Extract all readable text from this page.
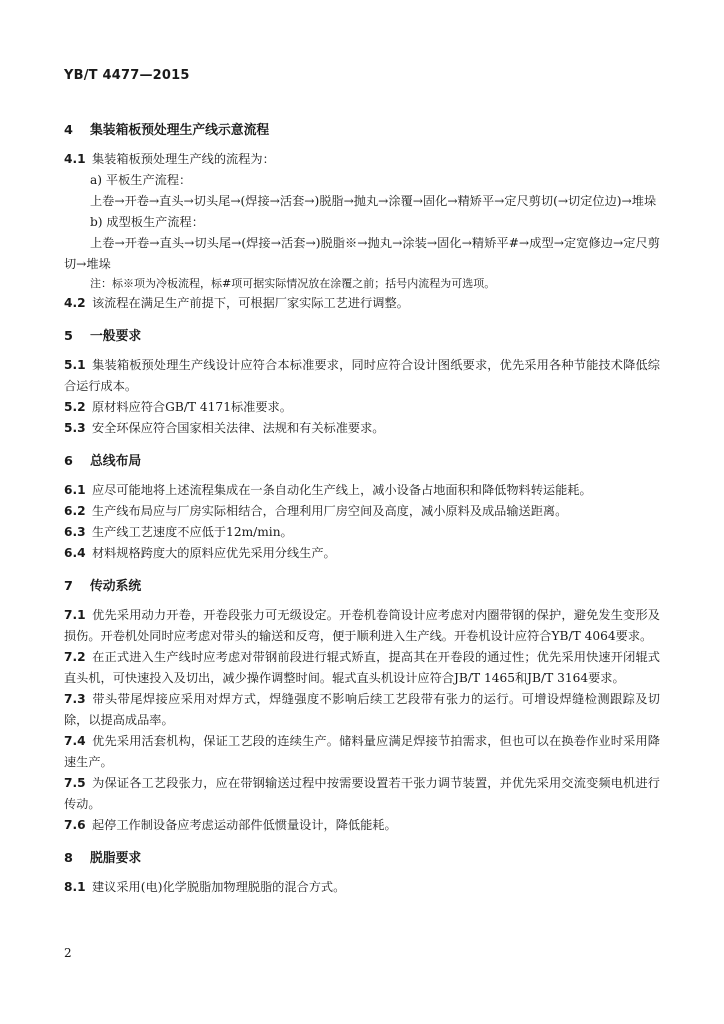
YB/T 4477—2015
4 集装箱板预处理生产线示意流程

4.1 集装箱板预处理生产线的流程为：

a) 平板生产流程：

上卷→开卷→直头→切头尾→(焊接→活套→)脱脂→抛丸→涂覆→固化→精矫平→定尺剪切(→切定位边)→堆垛

b) 成型板生产流程：

上卷→开卷→直头→切头尾→(焊接→活套→)脱脂※→抛丸→涂装→固化→精矫平#→成型→定宽修边→定尺剪切→堆垛

注：标※项为冷板流程，标#项可据实际情况放在涂覆之前；括号内流程为可选项。

4.2 该流程在满足生产前提下，可根据厂家实际工艺进行调整。

5 一般要求

5.1 集装箱板预处理生产线设计应符合本标准要求，同时应符合设计图纸要求，优先采用各种节能技术降低综合运行成本。

5.2 原材料应符合GB/T 4171标准要求。

5.3 安全环保应符合国家相关法律、法规和有关标准要求。

6 总线布局

6.1 应尽可能地将上述流程集成在一条自动化生产线上，减小设备占地面积和降低物料转运能耗。

6.2 生产线布局应与厂房实际相结合，合理利用厂房空间及高度，减小原料及成品输送距离。

6.3 生产线工艺速度不应低于12m/min。

6.4 材料规格跨度大的原料应优先采用分线生产。

7 传动系统

7.1 优先采用动力开卷，开卷段张力可无级设定。开卷机卷筒设计应考虑对内圈带钢的保护，避免发生变形及损伤。开卷机处同时应考虑对带头的输送和反弯，便于顺利进入生产线。开卷机设计应符合YB/T 4064要求。

7.2 在正式进入生产线时应考虑对带钢前段进行辊式矫直，提高其在开卷段的通过性；优先采用快速开闭辊式直头机，可快速投入及切出，减少操作调整时间。辊式直头机设计应符合JB/T 1465和JB/T 3164要求。

7.3 带头带尾焊接应采用对焊方式，焊缝强度不影响后续工艺段带有张力的运行。可增设焊缝检测跟踪及切除，以提高成品率。

7.4 优先采用活套机构，保证工艺段的连续生产。储料量应满足焊接节拍需求，但也可以在换卷作业时采用降速生产。

7.5 为保证各工艺段张力，应在带钢输送过程中按需要设置若干张力调节装置，并优先采用交流变频电机进行传动。

7.6 起停工作制设备应考虑运动部件低惯量设计，降低能耗。

8 脱脂要求

8.1 建议采用(电)化学脱脂加物理脱脂的混合方式。

2
